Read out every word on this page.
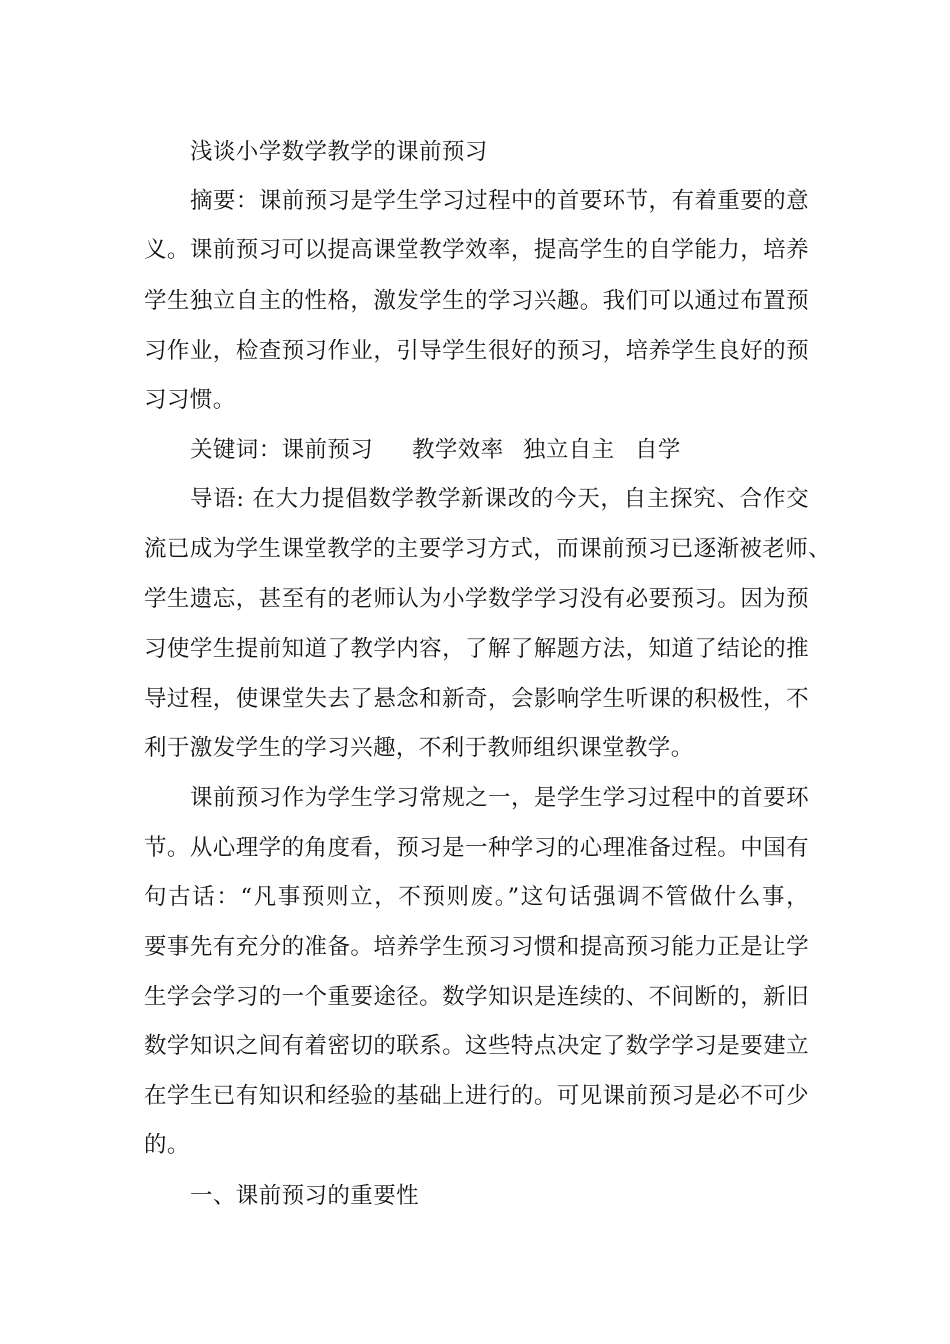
浅谈小学数学教学的课前预习
摘要：课前预习是学生学习过程中的首要环节，有着重要的意
义。课前预习可以提高课堂教学效率，提高学生的自学能力，培养
学生独立自主的性格，激发学生的学习兴趣。我们可以通过布置预
习作业，检查预习作业，引导学生很好的预习，培养学生良好的预
习习惯。
关键词：课前预习 教学效率 独立自主 自学
导语: 在大力提倡数学教学新课改的今天，自主探究、合作交
流已成为学生课堂教学的主要学习方式，而课前预习已逐渐被老师、
学生遗忘，甚至有的老师认为小学数学学习没有必要预习。因为预
习使学生提前知道了教学内容，了解了解题方法，知道了结论的推
导过程，使课堂失去了悬念和新奇，会影响学生听课的积极性，不
利于激发学生的学习兴趣，不利于教师组织课堂教学。
课前预习作为学生学习常规之一，是学生学习过程中的首要环
节。从心理学的角度看，预习是一种学习的心理准备过程。中国有
句古话：“凡事预则立，不预则废。”这句话强调不管做什么事，
要事先有充分的准备。培养学生预习习惯和提高预习能力正是让学
生学会学习的一个重要途径。数学知识是连续的、不间断的，新旧
数学知识之间有着密切的联系。这些特点决定了数学学习是要建立
在学生已有知识和经验的基础上进行的。可见课前预习是必不可少
的。
一、课前预习的重要性
